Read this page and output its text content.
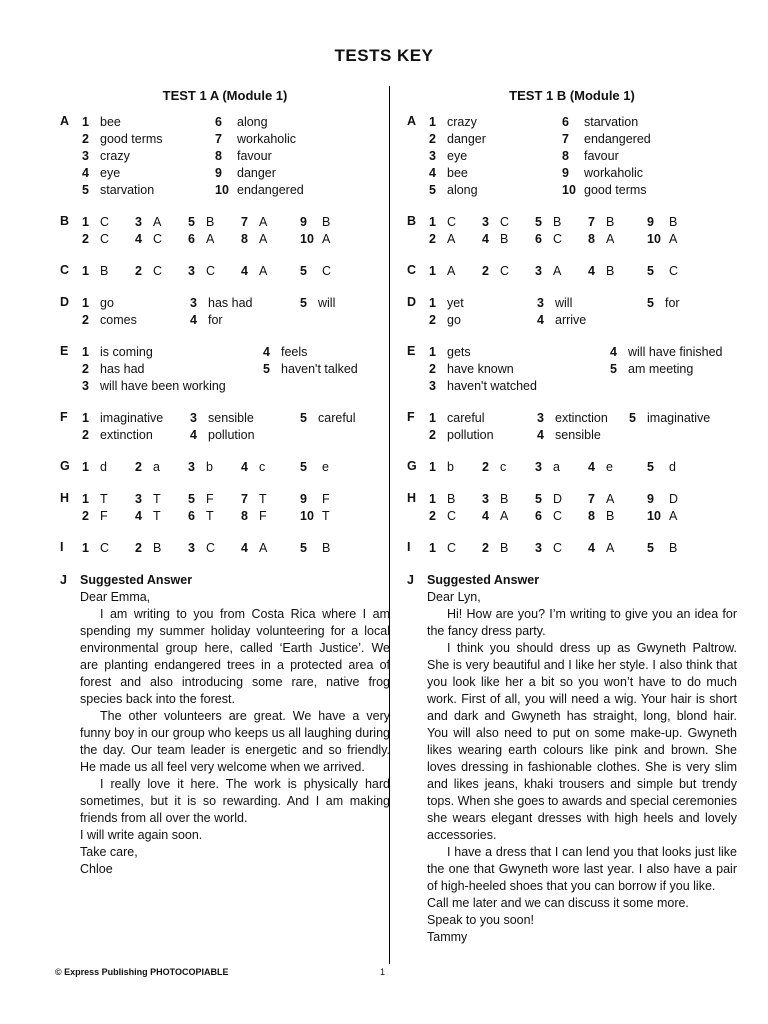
TESTS KEY
TEST 1 A (Module 1)
A 1 bee	6 along
2 good terms	7 workaholic
3 crazy	8 favour
4 eye	9 danger
5 starvation	10 endangered
B 1 C 3 A 5 B 7 A	9 B
2 C 4 C 6 A 8 A	10 A
C 1 B 2 C 3 C 4 A	5 C
D 1 go	3 has had	5 will
2 comes	4 for
E 1 is coming	4 feels
2 has had	5 haven't talked
3 will have been working
F 1 imaginative 3 sensible	5 careful
2 extinction	4 pollution
G 1 d 2 a 3 b 4 c	5 e
H 1 T 3 T 5 F 7 T	9 F
2 F 4 T 6 T 8 F	10 T
I 1 C 2 B 3 C 4 A	5 B
J Suggested Answer

Dear Emma,

I am writing to you from Costa Rica where I am spending my summer holiday volunteering for a local environmental group here, called ‘Earth Justice’. We are planting endangered trees in a protected area of forest and also introducing some rare, native frog species back into the forest.

The other volunteers are great. We have a very funny boy in our group who keeps us all laughing during the day. Our team leader is energetic and so friendly. He made us all feel very welcome when we arrived.

I really love it here. The work is physically hard sometimes, but it is so rewarding. And I am making friends from all over the world.

I will write again soon.

Take care,

Chloe

TEST 1 B (Module 1)
A 1 crazy	6 starvation
2 danger	7 endangered
3 eye	8 favour
4 bee	9 workaholic
5 along	10 good terms
B 1 C 3 C 5 B 7 B	9 B
2 A 4 B 6 C 8 A	10 A
C 1 A 2 C 3 A 4 B	5 C
D 1 yet	3 will	5 for
2 go	4 arrive
E 1 gets	4 will have finished
2 have known	5 am meeting
3 haven't watched
F 1 careful	3 extinction 5 imaginative
2 pollution	4 sensible
G 1 b 2 c 3 a 4 e	5 d
H 1 B 3 B 5 D 7 A	9 D
2 C 4 A 6 C 8 B	10 A
I 1 C 2 B 3 C 4 A	5 B
J Suggested Answer

Dear Lyn,

Hi! How are you? I’m writing to give you an idea for the fancy dress party.

I think you should dress up as Gwyneth Paltrow. She is very beautiful and I like her style. I also think that you look like her a bit so you won’t have to do much work. First of all, you will need a wig. Your hair is short and dark and Gwyneth has straight, long, blond hair. You will also need to put on some make-up. Gwyneth likes wearing earth colours like pink and brown. She loves dressing in fashionable clothes. She is very slim and likes jeans, khaki trousers and simple but trendy tops. When she goes to awards and special ceremonies she wears elegant dresses with high heels and lovely accessories.

I have a dress that I can lend you that looks just like the one that Gwyneth wore last year. I also have a pair of high-heeled shoes that you can borrow if you like.

Call me later and we can discuss it some more.

Speak to you soon!

Tammy

© Express Publishing PHOTOCOPIABLE	1
